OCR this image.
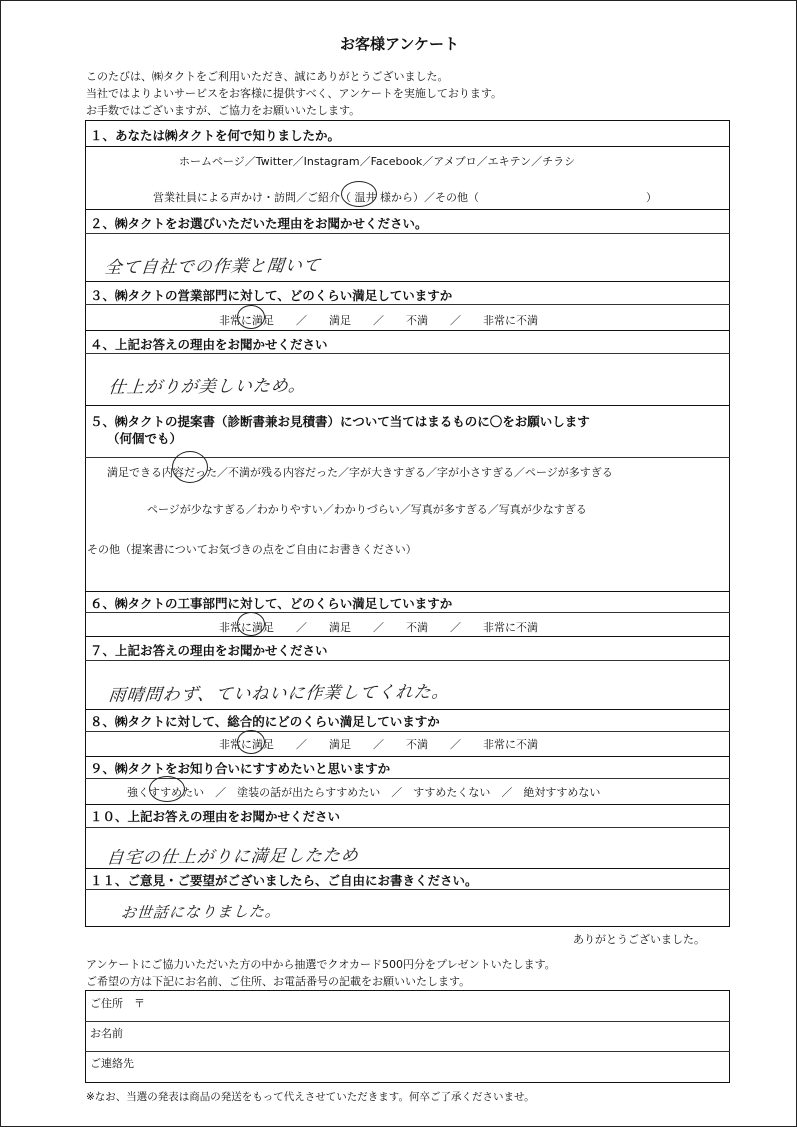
お客様アンケート
このたびは、㈱タクトをご利用いただき、誠にありがとうございました。
当社ではよりよいサービスをお客様に提供すべく、アンケートを実施しております。
お手数ではございますが、ご協力をお願いいたします。
１、あなたは㈱タクトを何で知りましたか。
ホームページ／Twitter／Instagram／Facebook／アメブロ／エキテン／チラシ
営業社員による声かけ・訪問／ご紹介（ 温井 様から）／その他（	）
２、㈱タクトをお選びいただいた理由をお聞かせください。
全て自社での作業と聞いて
３、㈱タクトの営業部門に対して、どのくらい満足していますか
非常に満足　　／　　満足　　／　　不満　　／　　非常に不満
４、上記お答えの理由をお聞かせください
仕上がりが美しいため。
５、㈱タクトの提案書（診断書兼お見積書）について当てはまるものに〇をお願いします
（何個でも）
満足できる内容だった／不満が残る内容だった／字が大きすぎる／字が小さすぎる／ページが多すぎる
ページが少なすぎる／わかりやすい／わかりづらい／写真が多すぎる／写真が少なすぎる
その他（提案書についてお気づきの点をご自由にお書きください）
６、㈱タクトの工事部門に対して、どのくらい満足していますか
非常に満足　　／　　満足　　／　　不満　　／　　非常に不満
７、上記お答えの理由をお聞かせください
雨晴問わず、ていねいに作業してくれた。
８、㈱タクトに対して、総合的にどのくらい満足していますか
非常に満足　　／　　満足　　／　　不満　　／　　非常に不満
９、㈱タクトをお知り合いにすすめたいと思いますか
強くすすめたい　／　塗装の話が出たらすすめたい　／　すすめたくない　／　絶対すすめない
１０、上記お答えの理由をお聞かせください
自宅の仕上がりに満足したため
１１、ご意見・ご要望がございましたら、ご自由にお書きください。
お世話になりました。
ありがとうございました。
アンケートにご協力いただいた方の中から抽選でクオカード500円分をプレゼントいたします。
ご希望の方は下記にお名前、ご住所、お電話番号の記載をお願いいたします。
ご住所　〒
お名前
ご連絡先
※なお、当選の発表は商品の発送をもって代えさせていただきます。何卒ご了承くださいませ。
